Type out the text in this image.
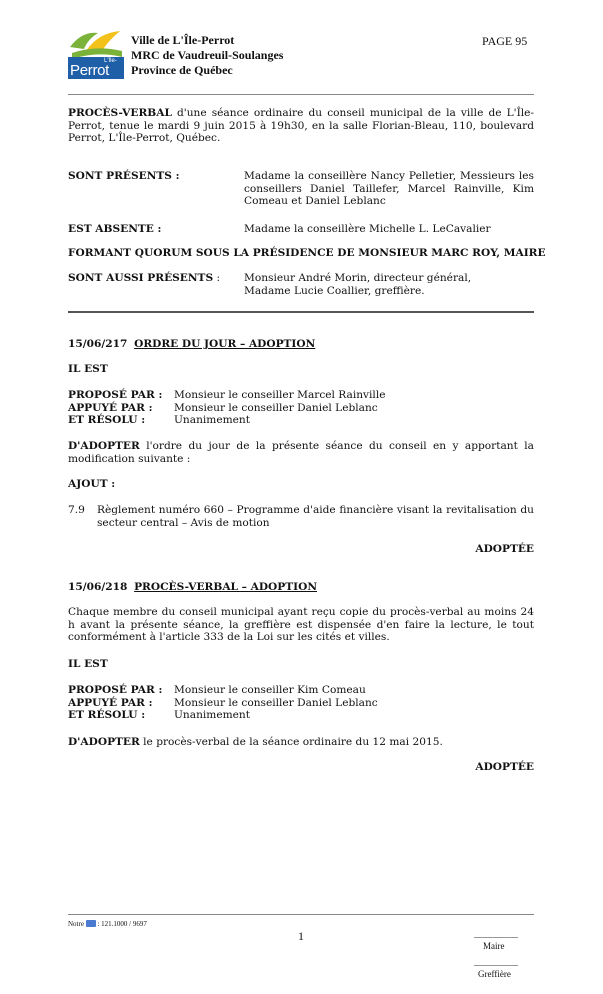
L'Île-
Perrot
Ville de L'Île-Perrot
MRC de Vaudreuil-Soulanges
Province de Québec
PAGE 95
PROCÈS-VERBAL d'une séance ordinaire du conseil municipal de la ville de L'Île-Perrot, tenue le mardi 9 juin 2015 à 19h30, en la salle Florian-Bleau, 110, boulevard Perrot, L'Île-Perrot, Québec.
SONT PRÉSENTS :	Madame la conseillère Nancy Pelletier, Messieurs les conseillers Daniel Taillefer, Marcel Rainville, Kim Comeau et Daniel Leblanc
EST ABSENTE :	Madame la conseillère Michelle L. LeCavalier
FORMANT QUORUM SOUS LA PRÉSIDENCE DE MONSIEUR MARC ROY, MAIRE
SONT AUSSI PRÉSENTS : Monsieur André Morin, directeur général,
Madame Lucie Coallier, greffière.
15/06/217 ORDRE DU JOUR – ADOPTION
IL EST
PROPOSÉ PAR :
APPUYÉ PAR :
ET RÉSOLU :
Monsieur le conseiller Marcel Rainville
Monsieur le conseiller Daniel Leblanc
Unanimement
D'ADOPTER l'ordre du jour de la présente séance du conseil en y apportant la modification suivante :
AJOUT :
7.9 Règlement numéro 660 – Programme d'aide financière visant la revitalisation du secteur central – Avis de motion
ADOPTÉE
15/06/218 PROCÈS-VERBAL – ADOPTION
Chaque membre du conseil municipal ayant reçu copie du procès-verbal au moins 24 h avant la présente séance, la greffière est dispensée d'en faire la lecture, le tout conformément à l'article 333 de la Loi sur les cités et villes.
IL EST
PROPOSÉ PAR :
APPUYÉ PAR :
ET RÉSOLU :
Monsieur le conseiller Kim Comeau
Monsieur le conseiller Daniel Leblanc
Unanimement
D'ADOPTER le procès-verbal de la séance ordinaire du 12 mai 2015.
ADOPTÉE
Notre : 121.1000 / 9697
1
Maire
Greffière
